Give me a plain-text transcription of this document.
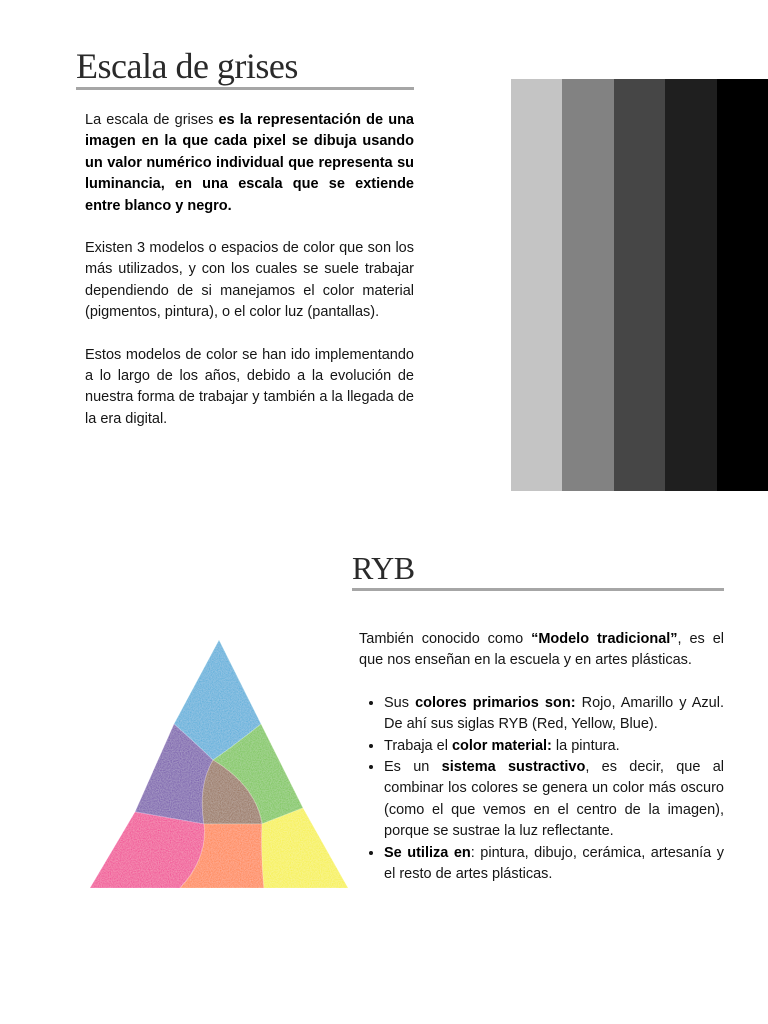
Escala de grises

La escala de grises es la representación de una imagen en la que cada pixel se dibuja usando un valor numérico individual que representa su luminancia, en una escala que se extiende entre blanco y negro.

Existen 3 modelos o espacios de color que son los más utilizados, y con los cuales se suele trabajar dependiendo de si manejamos el color material (pigmentos, pintura), o el color luz (pantallas).

Estos modelos de color se han ido implementando a lo largo de los años, debido a la evolución de nuestra forma de trabajar y también a la llegada de la era digital.

RYB

También conocido como “Modelo tradicional”, es el que nos enseñan en la escuela y en artes plásticas.

• Sus colores primarios son: Rojo, Amarillo y Azul. De ahí sus siglas RYB (Red, Yellow, Blue).
• Trabaja el color material: la pintura.
• Es un sistema sustractivo, es decir, que al combinar los colores se genera un color más oscuro (como el que vemos en el centro de la imagen), porque se sustrae la luz reflectante.
• Se utiliza en: pintura, dibujo, cerámica, artesanía y el resto de artes plásticas.
